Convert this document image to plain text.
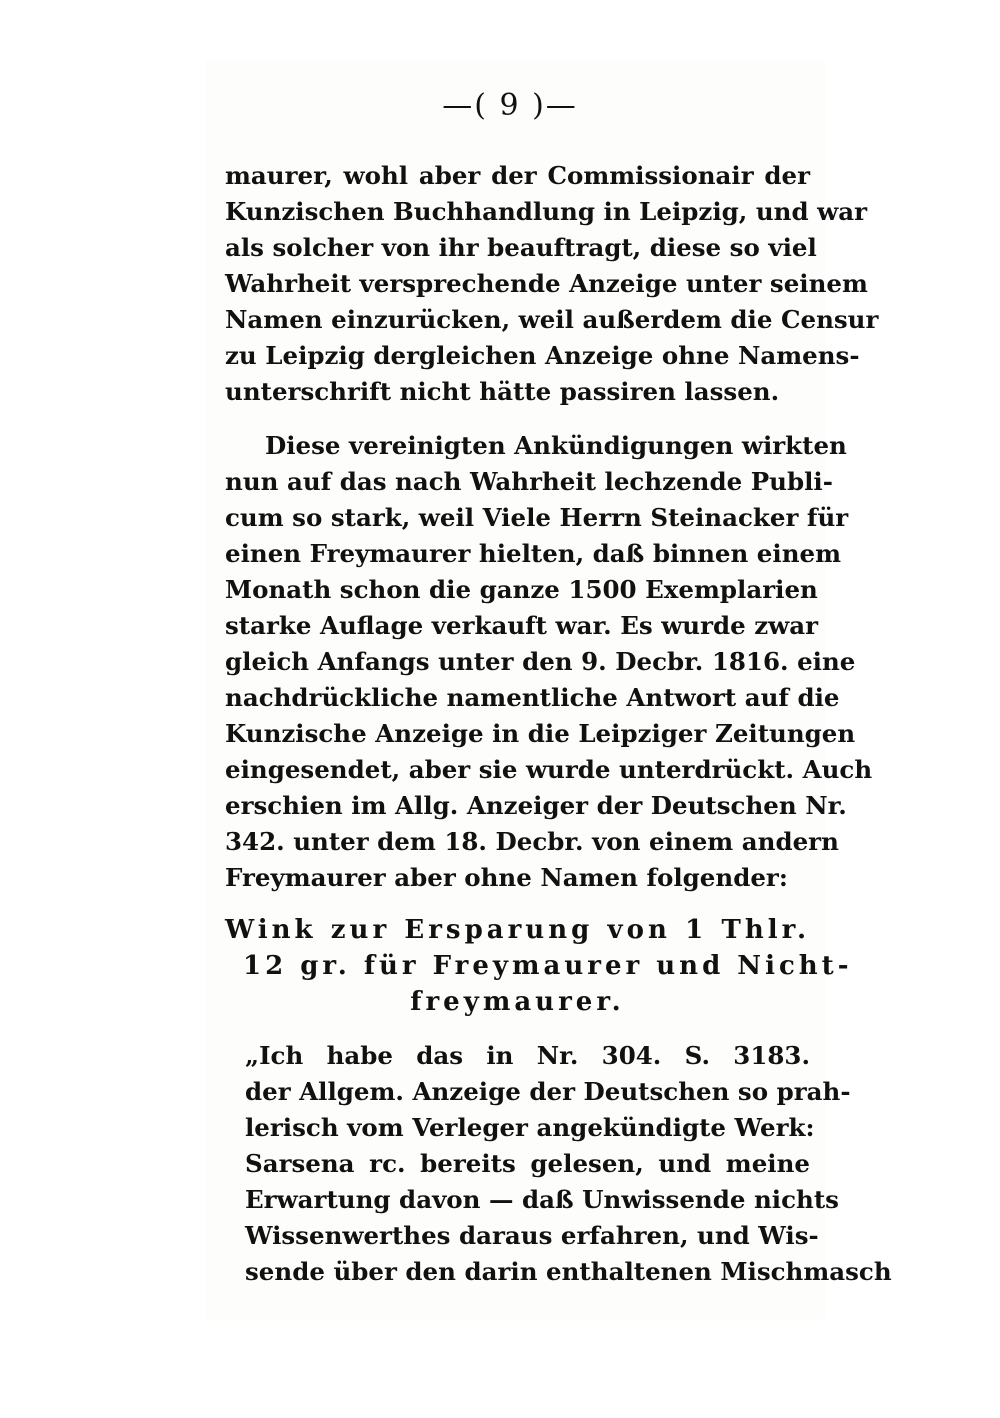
—( 9 )—
maurer, wohl aber der Commissionair der
Kunzischen Buchhandlung in Leipzig, und war
als solcher von ihr beauftragt, diese so viel
Wahrheit versprechende Anzeige unter seinem
Namen einzurücken, weil außerdem die Censur
zu Leipzig dergleichen Anzeige ohne Namens-
unterschrift nicht hätte passiren lassen.
Diese vereinigten Ankündigungen wirkten
nun auf das nach Wahrheit lechzende Publi-
cum so stark, weil Viele Herrn Steinacker für
einen Freymaurer hielten, daß binnen einem
Monath schon die ganze 1500 Exemplarien
starke Auflage verkauft war. Es wurde zwar
gleich Anfangs unter den 9. Decbr. 1816. eine
nachdrückliche namentliche Antwort auf die
Kunzische Anzeige in die Leipziger Zeitungen
eingesendet, aber sie wurde unterdrückt. Auch
erschien im Allg. Anzeiger der Deutschen Nr.
342. unter dem 18. Decbr. von einem andern
Freymaurer aber ohne Namen folgender:
Wink zur Ersparung von 1 Thlr.
12 gr. für Freymaurer und Nicht-
freymaurer.
„Ich habe das in Nr. 304. S. 3183.
der Allgem. Anzeige der Deutschen so prah-
lerisch vom Verleger angekündigte Werk:
Sarsena rc. bereits gelesen, und meine
Erwartung davon — daß Unwissende nichts
Wissenwerthes daraus erfahren, und Wis-
sende über den darin enthaltenen Mischmasch
